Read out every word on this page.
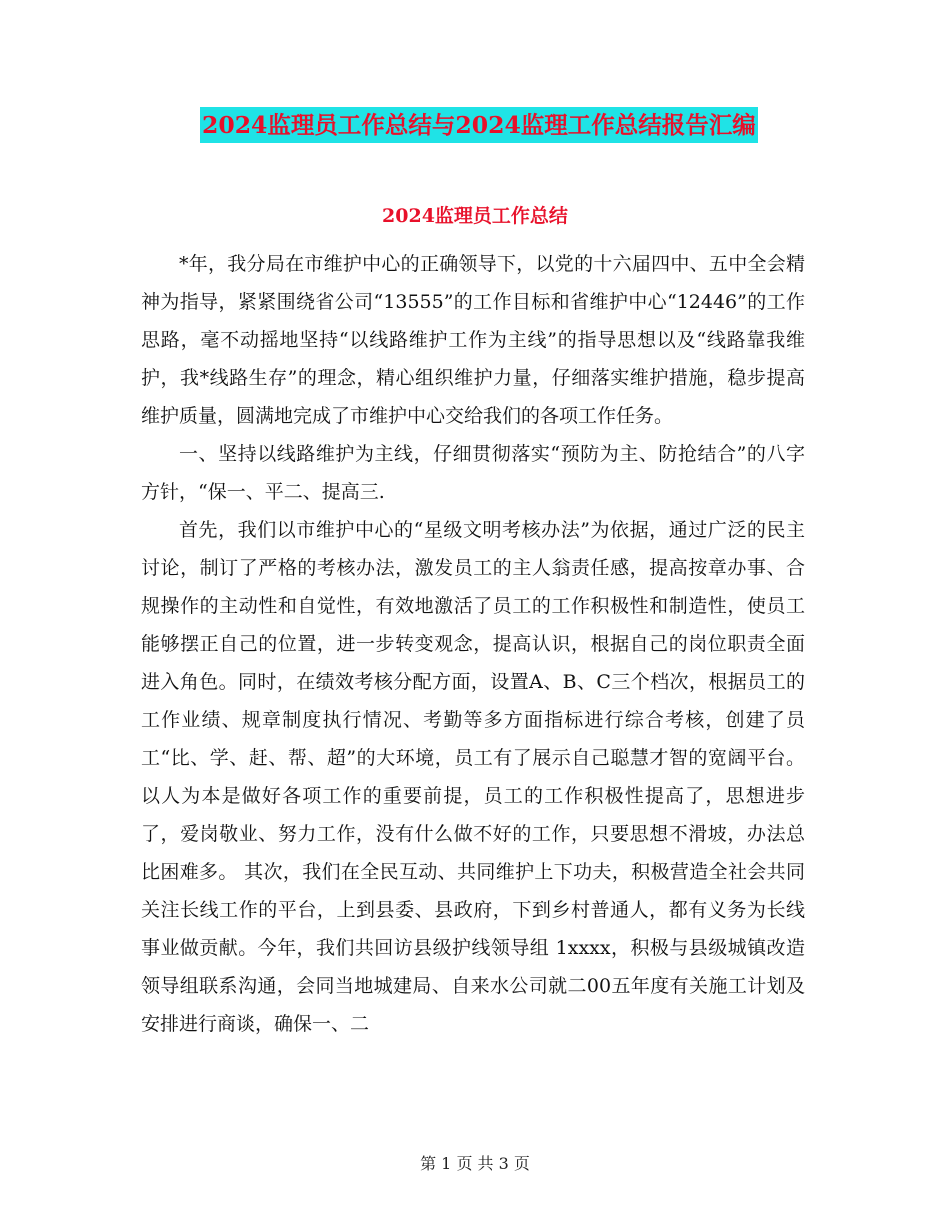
2024监理员工作总结与2024监理工作总结报告汇编
2024监理员工作总结

*年，我分局在市维护中心的正确领导下，以党的十六届四中、五中全会精神为指导，紧紧围绕省公司“13555”的工作目标和省维护中心“12446”的工作思路，毫不动摇地坚持“以线路维护工作为主线”的指导思想以及“线路靠我维护，我*线路生存”的理念，精心组织维护力量，仔细落实维护措施，稳步提高维护质量，圆满地完成了市维护中心交给我们的各项工作任务。

一、坚持以线路维护为主线，仔细贯彻落实“预防为主、防抢结合”的八字方针，“保一、平二、提高三.

首先，我们以市维护中心的“星级文明考核办法”为依据，通过广泛的民主讨论，制订了严格的考核办法，激发员工的主人翁责任感，提高按章办事、合规操作的主动性和自觉性，有效地激活了员工的工作积极性和制造性，使员工能够摆正自己的位置，进一步转变观念，提高认识，根据自己的岗位职责全面进入角色。同时，在绩效考核分配方面，设置A、B、C三个档次，根据员工的工作业绩、规章制度执行情况、考勤等多方面指标进行综合考核，创建了员工“比、学、赶、帮、超”的大环境，员工有了展示自己聪慧才智的宽阔平台。以人为本是做好各项工作的重要前提，员工的工作积极性提高了，思想进步了，爱岗敬业、努力工作，没有什么做不好的工作，只要思想不滑坡，办法总比困难多。 其次，我们在全民互动、共同维护上下功夫，积极营造全社会共同关注长线工作的平台，上到县委、县政府，下到乡村普通人，都有义务为长线事业做贡献。今年，我们共回访县级护线领导组 1xxxx，积极与县级城镇改造领导组联系沟通，会同当地城建局、自来水公司就二00五年度有关施工计划及安排进行商谈，确保一、二

第 1 页 共 3 页
